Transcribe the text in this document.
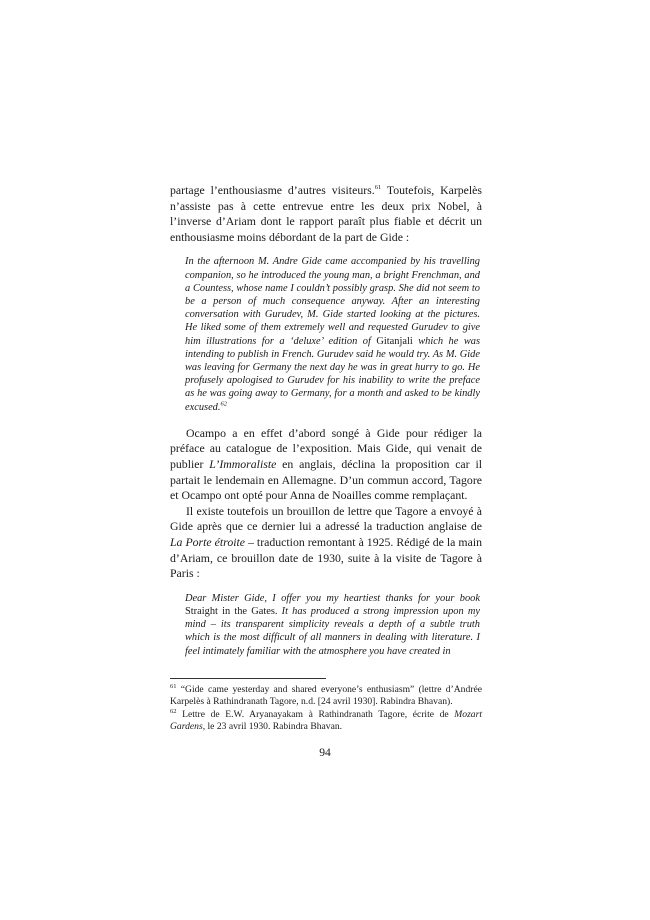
partage l’enthousiasme d’autres visiteurs.$^{61}$ Toutefois, Karpelès n’assiste pas à cette entrevue entre les deux prix Nobel, à l’inverse d’Ariam dont le rapport paraît plus fiable et décrit un enthousiasme moins débordant de la part de Gide :

In the afternoon M. Andre Gide came accompanied by his travelling companion, so he introduced the young man, a bright Frenchman, and a Countess, whose name I couldn’t possibly grasp. She did not seem to be a person of much consequence anyway. After an interesting conversation with Gurudev, M. Gide started looking at the pictures. He liked some of them extremely well and requested Gurudev to give him illustrations for a ‘deluxe’ edition of Gitanjali which he was intending to publish in French. Gurudev said he would try. As M. Gide was leaving for Germany the next day he was in great hurry to go. He profusely apologised to Gurudev for his inability to write the preface as he was going away to Germany, for a month and asked to be kindly excused.$^{62}$

Ocampo a en effet d’abord songé à Gide pour rédiger la préface au catalogue de l’exposition. Mais Gide, qui venait de publier L’Immoraliste en anglais, déclina la proposition car il partait le lendemain en Allemagne. D’un commun accord, Tagore et Ocampo ont opté pour Anna de Noailles comme remplaçant.

Il existe toutefois un brouillon de lettre que Tagore a envoyé à Gide après que ce dernier lui a adressé la traduction anglaise de La Porte étroite – traduction remontant à 1925. Rédigé de la main d’Ariam, ce brouillon date de 1930, suite à la visite de Tagore à Paris :

Dear Mister Gide, I offer you my heartiest thanks for your book Straight in the Gates. It has produced a strong impression upon my mind – its transparent simplicity reveals a depth of a subtle truth which is the most difficult of all manners in dealing with literature. I feel intimately familiar with the atmosphere you have created in

$^{61}$ “Gide came yesterday and shared everyone’s enthusiasm” (lettre d’Andrée Karpelès à Rathindranath Tagore, n.d. [24 avril 1930]. Rabindra Bhavan).

$^{62}$ Lettre de E.W. Aryanayakam à Rathindranath Tagore, écrite de Mozart Gardens, le 23 avril 1930. Rabindra Bhavan.

94
